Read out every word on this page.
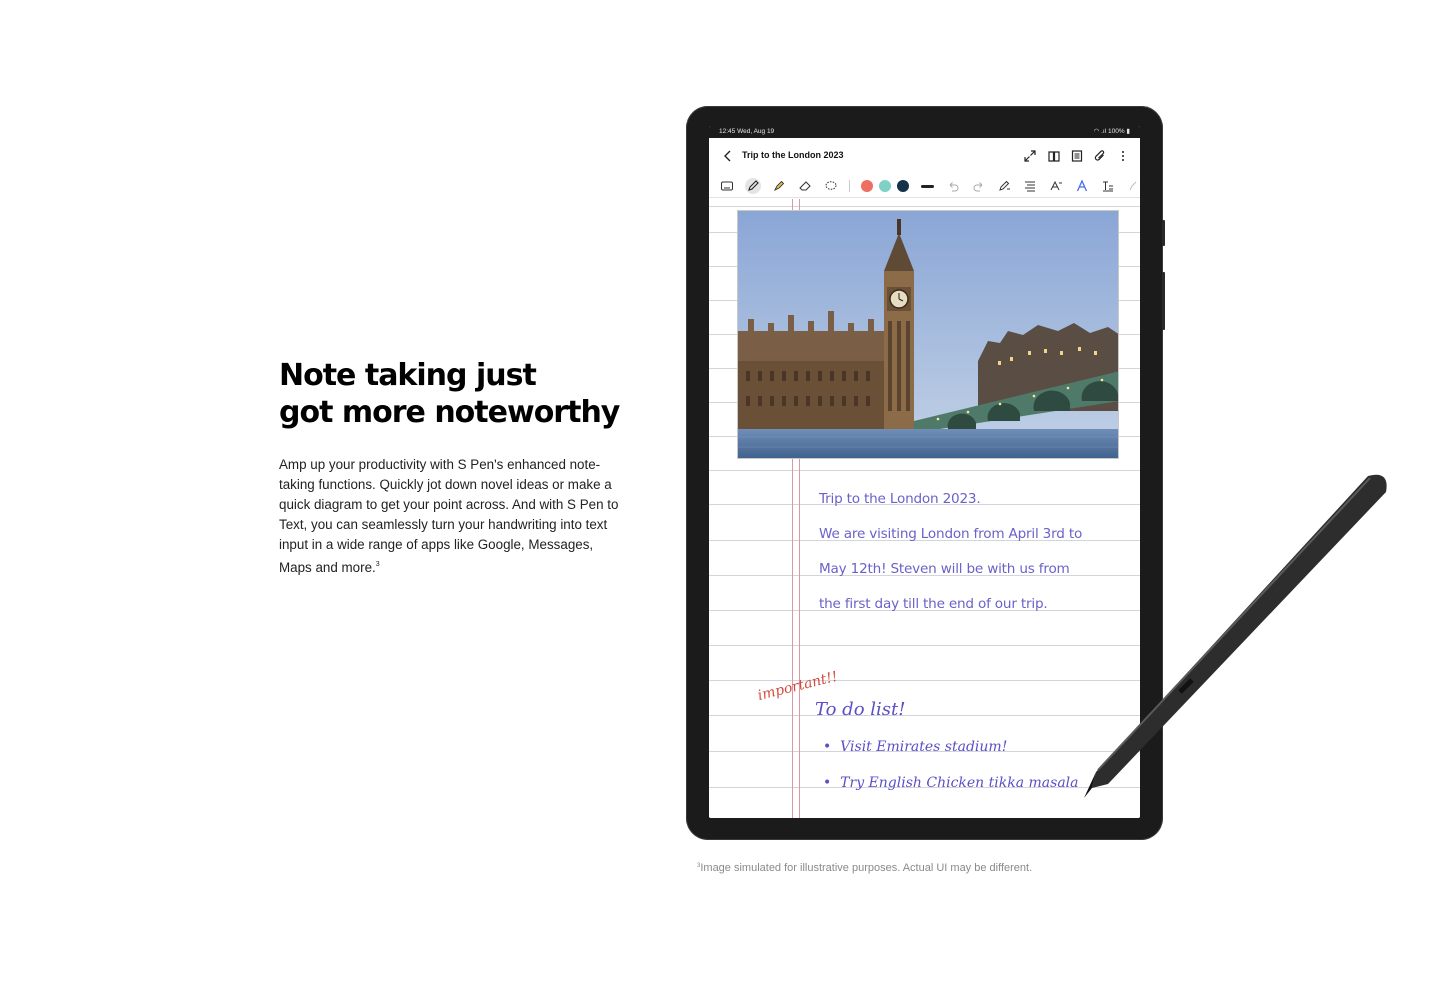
Note taking just
got more noteworthy

Amp up your productivity with S Pen's enhanced note-taking functions. Quickly jot down novel ideas or make a quick diagram to get your point across. And with S Pen to Text, you can seamlessly turn your handwriting into text input in a wide range of apps like Google, Messages, Maps and more.$^3$

$^3$Image simulated for illustrative purposes. Actual UI may be different.
12:45 Wed, Aug 19	◠ .ıl 100% ▮
Trip to the London 2023
Trip to the London 2023.
We are visiting London from April 3rd to
May 12th! Steven will be with us from
the first day till the end of our trip.
To do list!
•  Visit Emirates stadium!
•  Try English Chicken tikka masala
important!!
